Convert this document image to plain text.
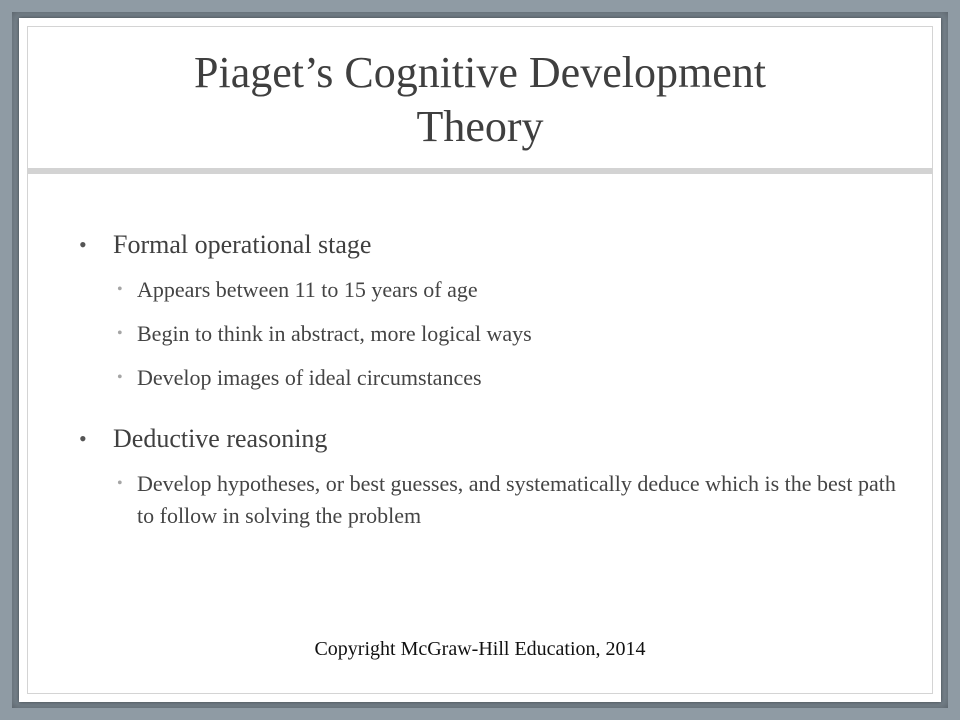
Piaget’s Cognitive Development
Theory
• Formal operational stage
• Appears between 11 to 15 years of age
• Begin to think in abstract, more logical ways
• Develop images of ideal circumstances
• Deductive reasoning
• Develop hypotheses, or best guesses, and systematically deduce which is the best path to follow in solving the problem
Copyright McGraw-Hill Education, 2014
